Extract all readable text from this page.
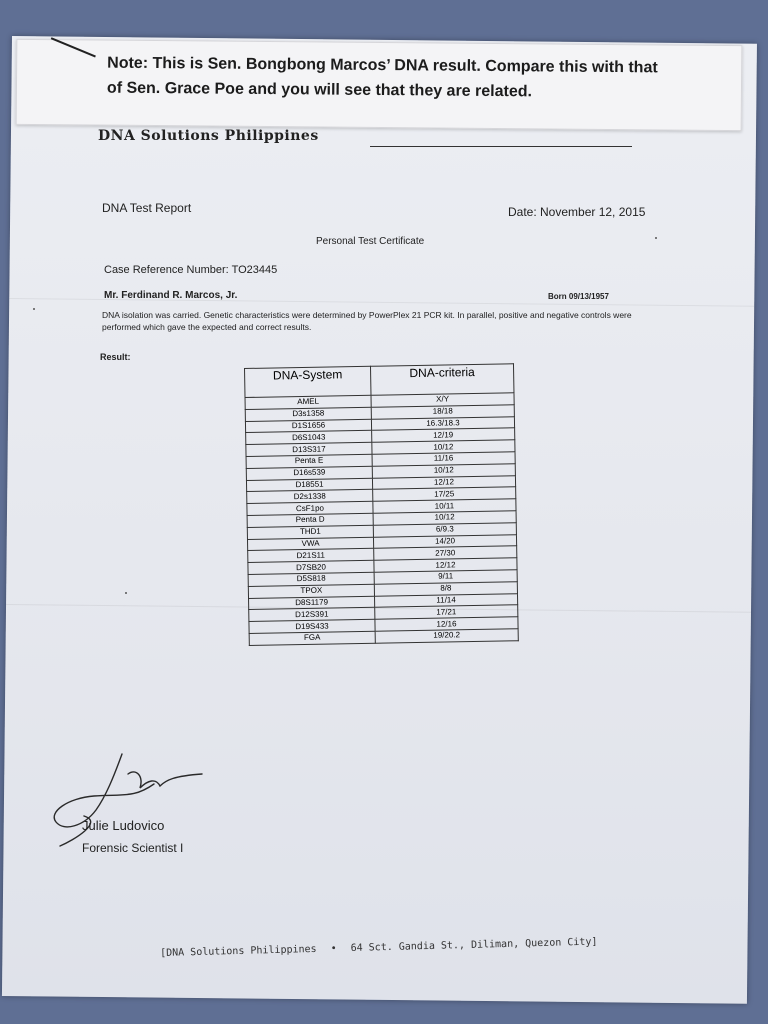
Note: This is Sen. Bongbong Marcos’ DNA result. Compare this with that of Sen. Grace Poe and you will see that they are related.
DNA Solutions Philippines
DNA Test Report	Date: November 12, 2015
Personal Test Certificate
Case Reference Number: TO23445
Mr. Ferdinand R. Marcos, Jr.	Born 09/13/1957
DNA isolation was carried. Genetic characteristics were determined by PowerPlex 21 PCR kit. In parallel, positive and negative controls were performed which gave the expected and correct results.
Result:
DNA-System	DNA-criteria
AMEL	X/Y
D3s1358	18/18
D1S1656	16.3/18.3
D6S1043	12/19
D13S317	10/12
Penta E	11/16
D16s539	10/12
D18551	12/12
D2s1338	17/25
CsF1po	10/11
Penta D	10/12
THD1	6/9.3
VWA	14/20
D21S11	27/30
D7SB20	12/12
D5S818	9/11
TPOX	8/8
D8S1179	11/14
D12S391	17/21
D19S433	12/16
FGA	19/20.2
Julie Ludovico
Forensic Scientist I
[DNA Solutions Philippines • 64 Sct. Gandia St., Diliman, Quezon City]
